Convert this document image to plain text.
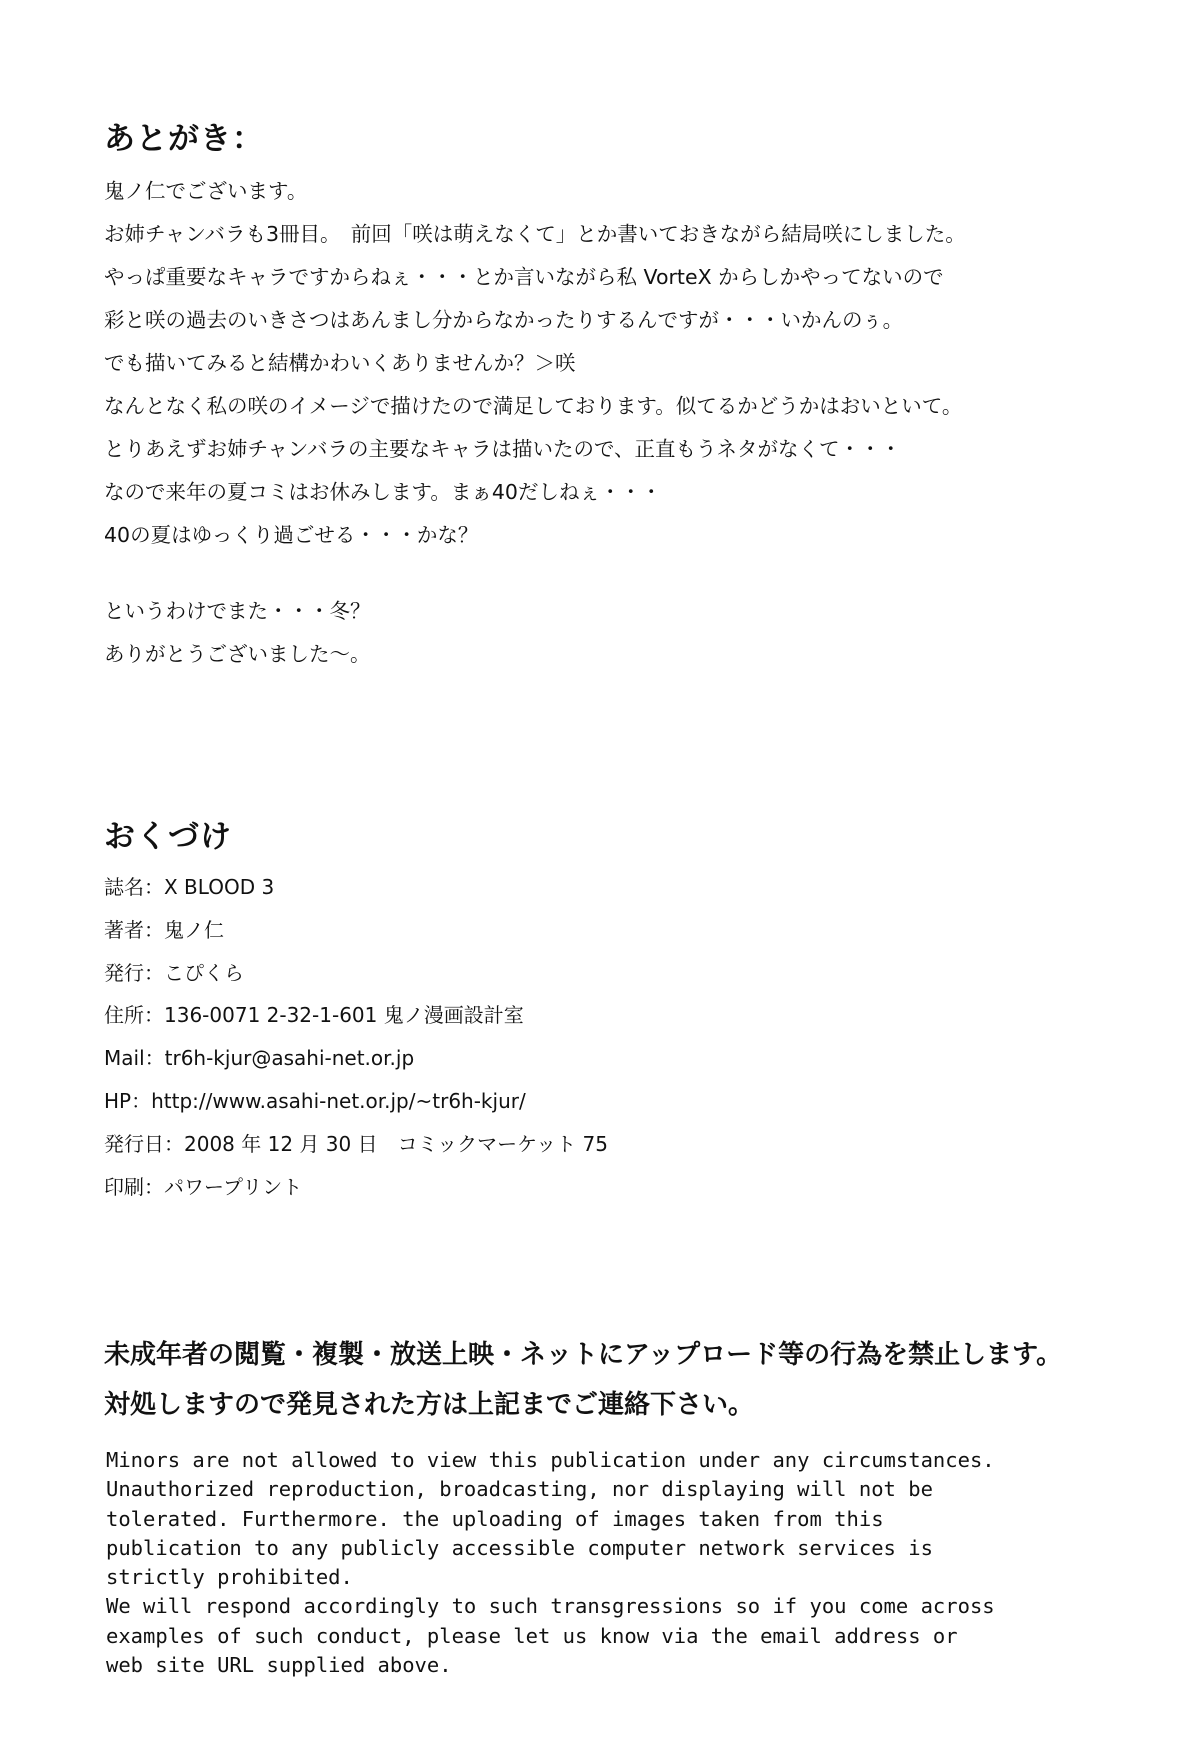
あとがき：
鬼ノ仁でございます。
お姉チャンバラも3冊目。　前回「咲は萌えなくて」とか書いておきながら結局咲にしました。
やっぱ重要なキャラですからねぇ・・・とか言いながら私 VorteX からしかやってないので
彩と咲の過去のいきさつはあんまし分からなかったりするんですが・・・いかんのぅ。
でも描いてみると結構かわいくありませんか？＞咲
なんとなく私の咲のイメージで描けたので満足しております。似てるかどうかはおいといて。
とりあえずお姉チャンバラの主要なキャラは描いたので、正直もうネタがなくて・・・
なので来年の夏コミはお休みします。まぁ40だしねぇ・・・
40の夏はゆっくり過ごせる・・・かな？
というわけでまた・・・冬？
ありがとうございました～。
おくづけ
誌名：X BLOOD 3
著者：鬼ノ仁
発行：こぴくら
住所：136-0071 2-32-1-601 鬼ノ漫画設計室
Mail：tr6h-kjur@asahi-net.or.jp
HP：http://www.asahi-net.or.jp/~tr6h-kjur/
発行日：2008 年 12 月 30 日　コミックマーケット 75
印刷：パワープリント
未成年者の閲覧・複製・放送上映・ネットにアップロード等の行為を禁止します。
対処しますので発見された方は上記までご連絡下さい。
Minors are not allowed to view this publication under any circumstances.
Unauthorized reproduction, broadcasting, nor displaying will not be
tolerated. Furthermore. the uploading of images taken from this
publication to any publicly accessible computer network services is
strictly prohibited.
We will respond accordingly to such transgressions so if you come across
examples of such conduct, please let us know via the email address or
web site URL supplied above.
